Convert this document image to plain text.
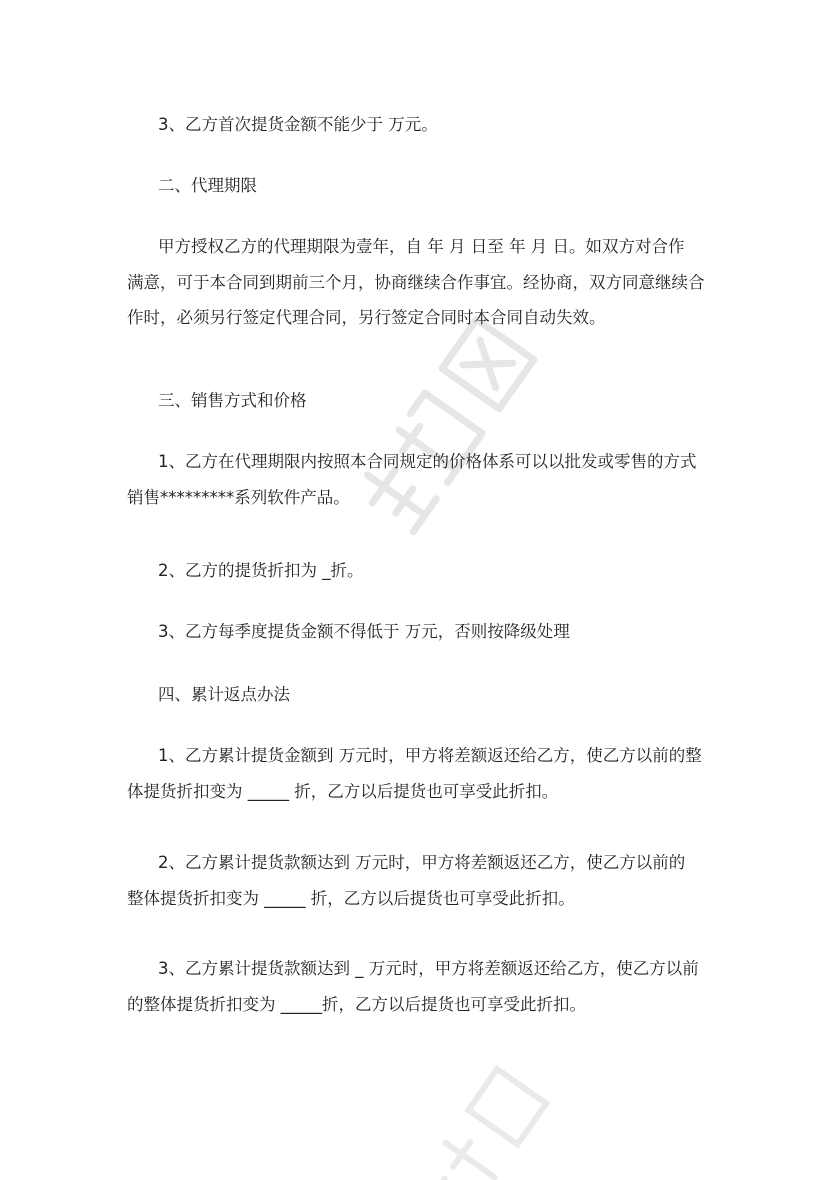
3、乙方首次提货金额不能少于 万元。

二、代理期限

甲方授权乙方的代理期限为壹年，自 年 月 日至 年 月 日。如双方对合作
满意，可于本合同到期前三个月，协商继续合作事宜。经协商，双方同意继续合
作时，必须另行签定代理合同，另行签定合同时本合同自动失效。

三、销售方式和价格

1、乙方在代理期限内按照本合同规定的价格体系可以以批发或零售的方式
销售*********系列软件产品。

2、乙方的提货折扣为 _折。

3、乙方每季度提货金额不得低于 万元，否则按降级处理

四、累计返点办法

1、乙方累计提货金额到 万元时，甲方将差额返还给乙方，使乙方以前的整
体提货折扣变为 _____ 折，乙方以后提货也可享受此折扣。
2、乙方累计提货款额达到 万元时，甲方将差额返还乙方，使乙方以前的
整体提货折扣变为 _____ 折，乙方以后提货也可享受此折扣。
3、乙方累计提货款额达到 _ 万元时，甲方将差额返还给乙方，使乙方以前
的整体提货折扣变为 _____折，乙方以后提货也可享受此折扣。
